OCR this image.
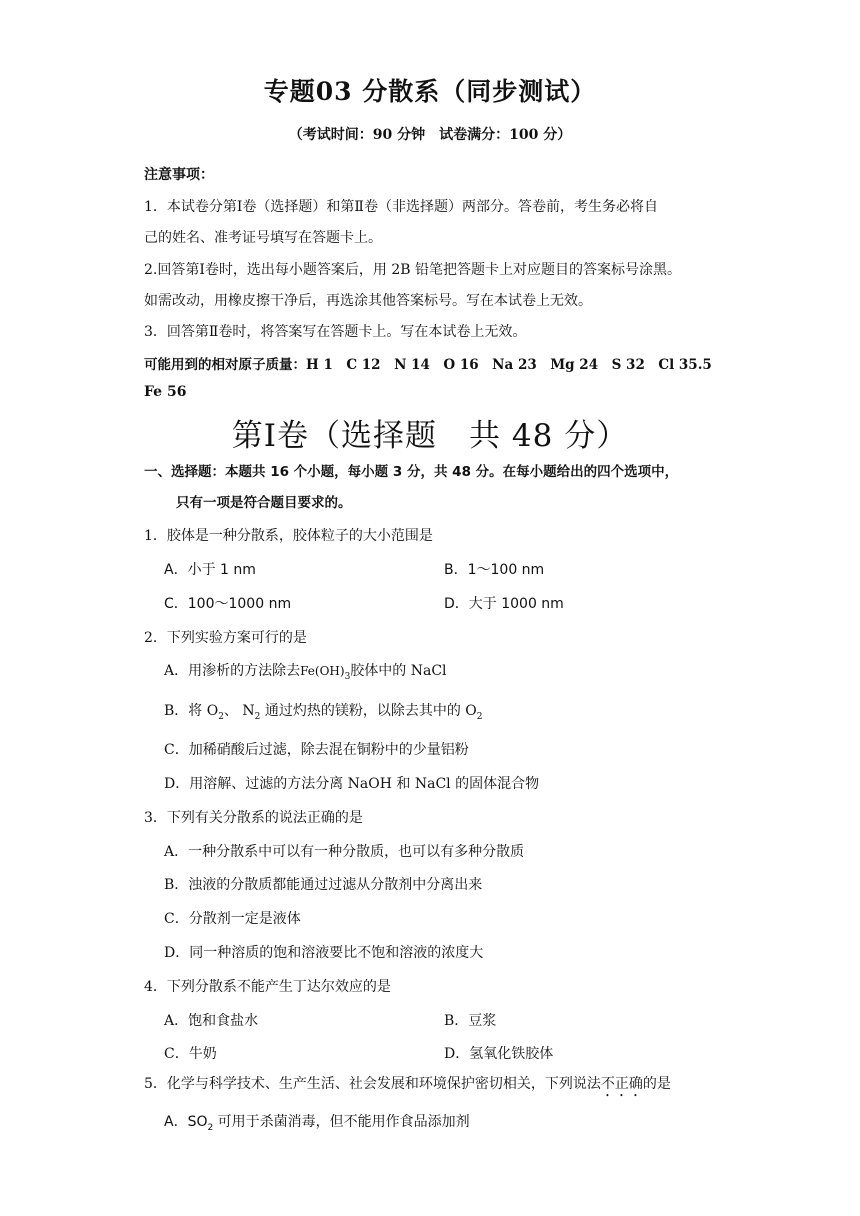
专题03 分散系（同步测试）
（考试时间：90 分钟　试卷满分：100 分）
注意事项：
1．本试卷分第Ⅰ卷（选择题）和第Ⅱ卷（非选择题）两部分。答卷前，考生务必将自
己的姓名、准考证号填写在答题卡上。
2.回答第Ⅰ卷时，选出每小题答案后，用 2B 铅笔把答题卡上对应题目的答案标号涂黑。
如需改动，用橡皮擦干净后，再选涂其他答案标号。写在本试卷上无效。
3．回答第Ⅱ卷时，将答案写在答题卡上。写在本试卷上无效。
可能用到的相对原子质量：H 1　C 12　N 14　O 16　Na 23　Mg 24　S 32　Cl 35.5
Fe 56
第Ⅰ卷（选择题　共 48 分）
一、选择题：本题共 16 个小题，每小题 3 分，共 48 分。在每小题给出的四个选项中，
只有一项是符合题目要求的。
1．胶体是一种分散系，胶体粒子的大小范围是
A．小于 1 nm	B．1～100 nm
C．100～1000 nm	D．大于 1000 nm
2．下列实验方案可行的是
A．用渗析的方法除去$Fe(OH)_3$胶体中的 NaCl
B．将 $O_2$、 $N_2$ 通过灼热的镁粉，以除去其中的 $O_2$
C．加稀硝酸后过滤，除去混在铜粉中的少量铝粉
D．用溶解、过滤的方法分离 NaOH 和 NaCl 的固体混合物
3．下列有关分散系的说法正确的是
A．一种分散系中可以有一种分散质，也可以有多种分散质
B．浊液的分散质都能通过过滤从分散剂中分离出来
C．分散剂一定是液体
D．同一种溶质的饱和溶液要比不饱和溶液的浓度大
4．下列分散系不能产生丁达尔效应的是
A．饱和食盐水	B．豆浆
C．牛奶	D．氢氧化铁胶体
5．化学与科学技术、生产生活、社会发展和环境保护密切相关，下列说法不正确的是
A．$SO_2$ 可用于杀菌消毒，但不能用作食品添加剂
